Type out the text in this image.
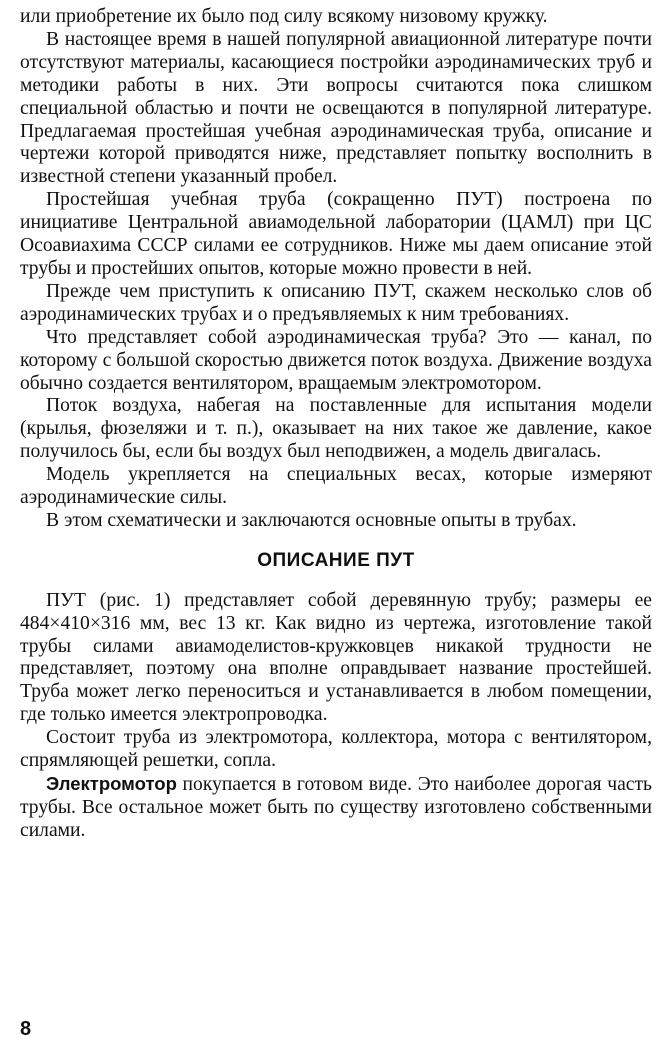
или приобретение их было под силу всякому низовому кружку.

В настоящее время в нашей популярной авиационной литературе почти отсутствуют материалы, касающиеся постройки аэродинамических труб и методики работы в них. Эти вопросы считаются пока слишком специальной областью и почти не освещаются в популярной литературе. Предлагаемая простейшая учебная аэродинамическая труба, описание и чертежи которой приводятся ниже, представляет попытку восполнить в известной степени указанный пробел.

Простейшая учебная труба (сокращенно ПУТ) построена по инициативе Центральной авиамодельной лаборатории (ЦАМЛ) при ЦС Осоавиахима СССР силами ее сотрудников. Ниже мы даем описание этой трубы и простейших опытов, которые можно провести в ней.

Прежде чем приступить к описанию ПУТ, скажем несколько слов об аэродинамических трубах и о предъявляемых к ним требованиях.

Что представляет собой аэродинамическая труба? Это — канал, по которому с большой скоростью движется поток воздуха. Движение воздуха обычно создается вентилятором, вращаемым электромотором.

Поток воздуха, набегая на поставленные для испытания модели (крылья, фюзеляжи и т. п.), оказывает на них такое же давление, какое получилось бы, если бы воздух был неподвижен, а модель двигалась.

Модель укрепляется на специальных весах, которые измеряют аэродинамические силы.

В этом схематически и заключаются основные опыты в трубах.

ОПИСАНИЕ ПУТ

ПУТ (рис. 1) представляет собой деревянную трубу; размеры ее 484×410×316 мм, вес 13 кг. Как видно из чертежа, изготовление такой трубы силами авиамоделистов-кружковцев никакой трудности не представляет, поэтому она вполне оправдывает название простейшей. Труба может легко переноситься и устанавливается в любом помещении, где только имеется электропроводка.

Состоит труба из электромотора, коллектора, мотора с вентилятором, спрямляющей решетки, сопла.

Электромотор покупается в готовом виде. Это наиболее дорогая часть трубы. Все остальное может быть по существу изготовлено собственными силами.

8
